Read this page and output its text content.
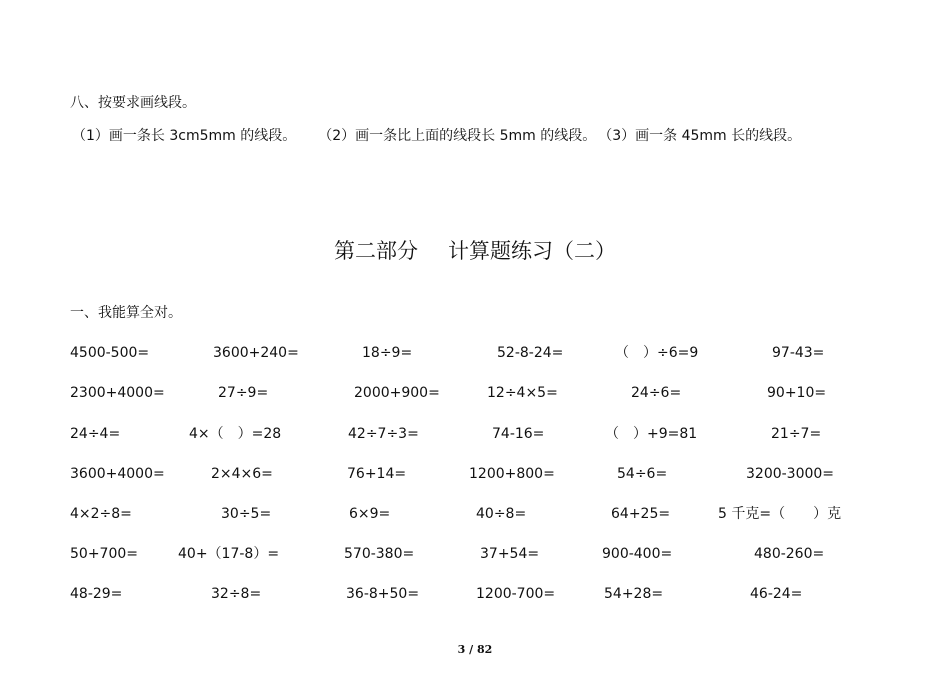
八、按要求画线段。
（1）画一条长 3cm5mm 的线段。 （2）画一条比上面的线段长 5mm 的线段。 （3）画一条 45mm 长的线段。
第二部分 计算题练习（二）
一、我能算全对。
4500-500=	3600+240=	18÷9=	52-8-24=	（　）÷6=9	97-43=
2300+4000=	27÷9=	2000+900=	12÷4×5=	24÷6=	90+10=
24÷4=	4×（　）=28	42÷7÷3=	74-16=	（　）+9=81	21÷7=
3600+4000=	2×4×6=	76+14=	1200+800=	54÷6=	3200-3000=
4×2÷8=	30÷5=	6×9=	40÷8=	64+25=	5 千克=（　　）克
50+700=	40+（17-8）=	570-380=	37+54=	900-400=	480-260=
48-29=	32÷8=	36-8+50=	1200-700=	54+28=	46-24=
3 / 82
